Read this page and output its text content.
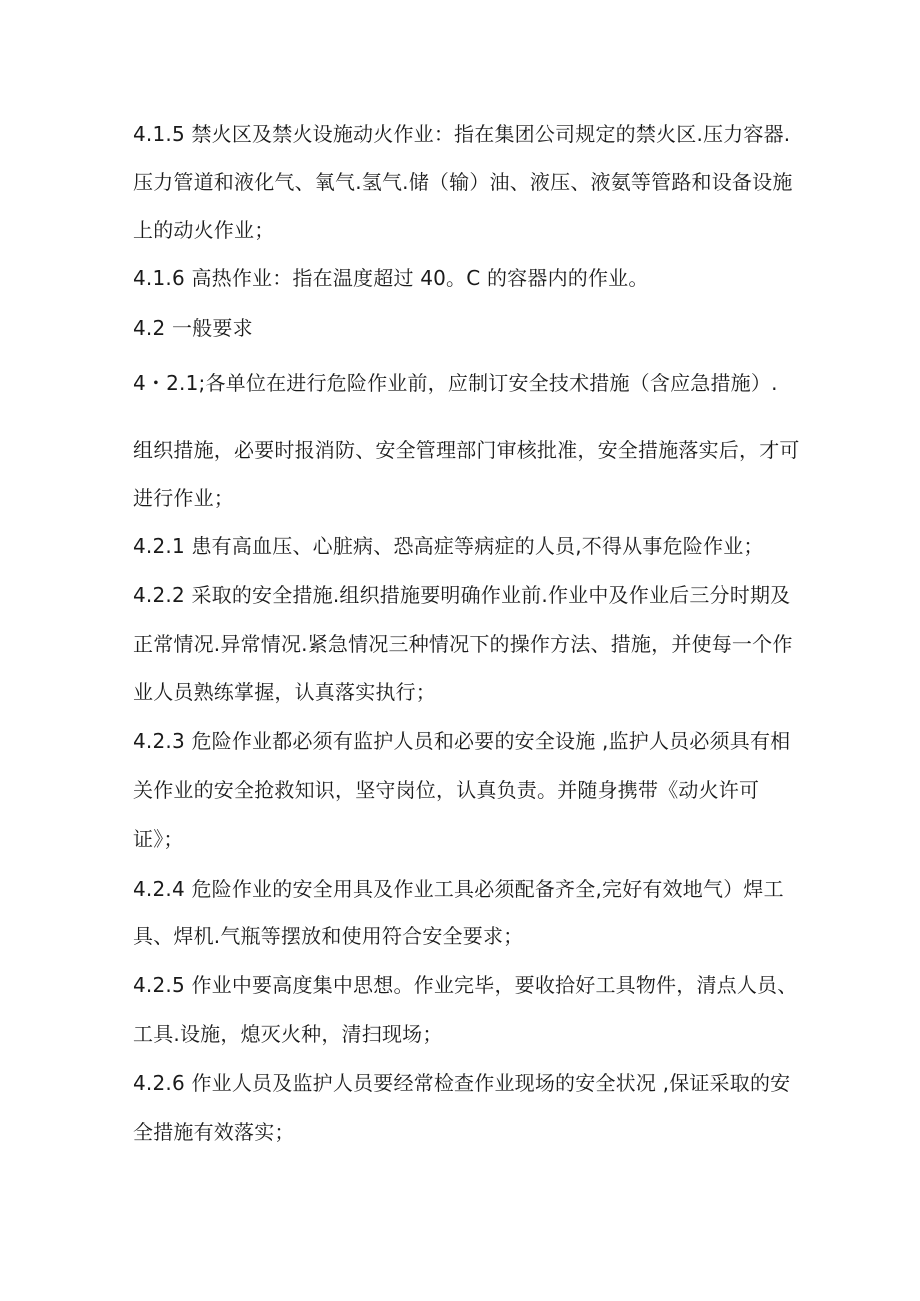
4.1.5 禁火区及禁火设施动火作业：指在集团公司规定的禁火区.压力容器.
压力管道和液化气、氧气.氢气.储（输）油、液压、液氨等管路和设备设施
上的动火作业；
4.1.6 高热作业：指在温度超过 40。C 的容器内的作业。
4.2 一般要求
4・2.1;各单位在进行危险作业前，应制订安全技术措施（含应急措施）.
组织措施，必要时报消防、安全管理部门审核批准，安全措施落实后，才可
进行作业；
4.2.1 患有高血压、心脏病、恐高症等病症的人员,不得从事危险作业；
4.2.2 采取的安全措施.组织措施要明确作业前.作业中及作业后三分时期及
正常情况.异常情况.紧急情况三种情况下的操作方法、措施，并使每一个作
业人员熟练掌握，认真落实执行；
4.2.3 危险作业都必须有监护人员和必要的安全设施 ,监护人员必须具有相
关作业的安全抢救知识，坚守岗位，认真负责。并随身携带《动火许可
证》；
4.2.4 危险作业的安全用具及作业工具必须配备齐全,完好有效地气）焊工
具、焊机.气瓶等摆放和使用符合安全要求；
4.2.5 作业中要高度集中思想。作业完毕，要收拾好工具物件，清点人员、
工具.设施，熄灭火种，清扫现场；
4.2.6 作业人员及监护人员要经常检查作业现场的安全状况 ,保证采取的安
全措施有效落实；
